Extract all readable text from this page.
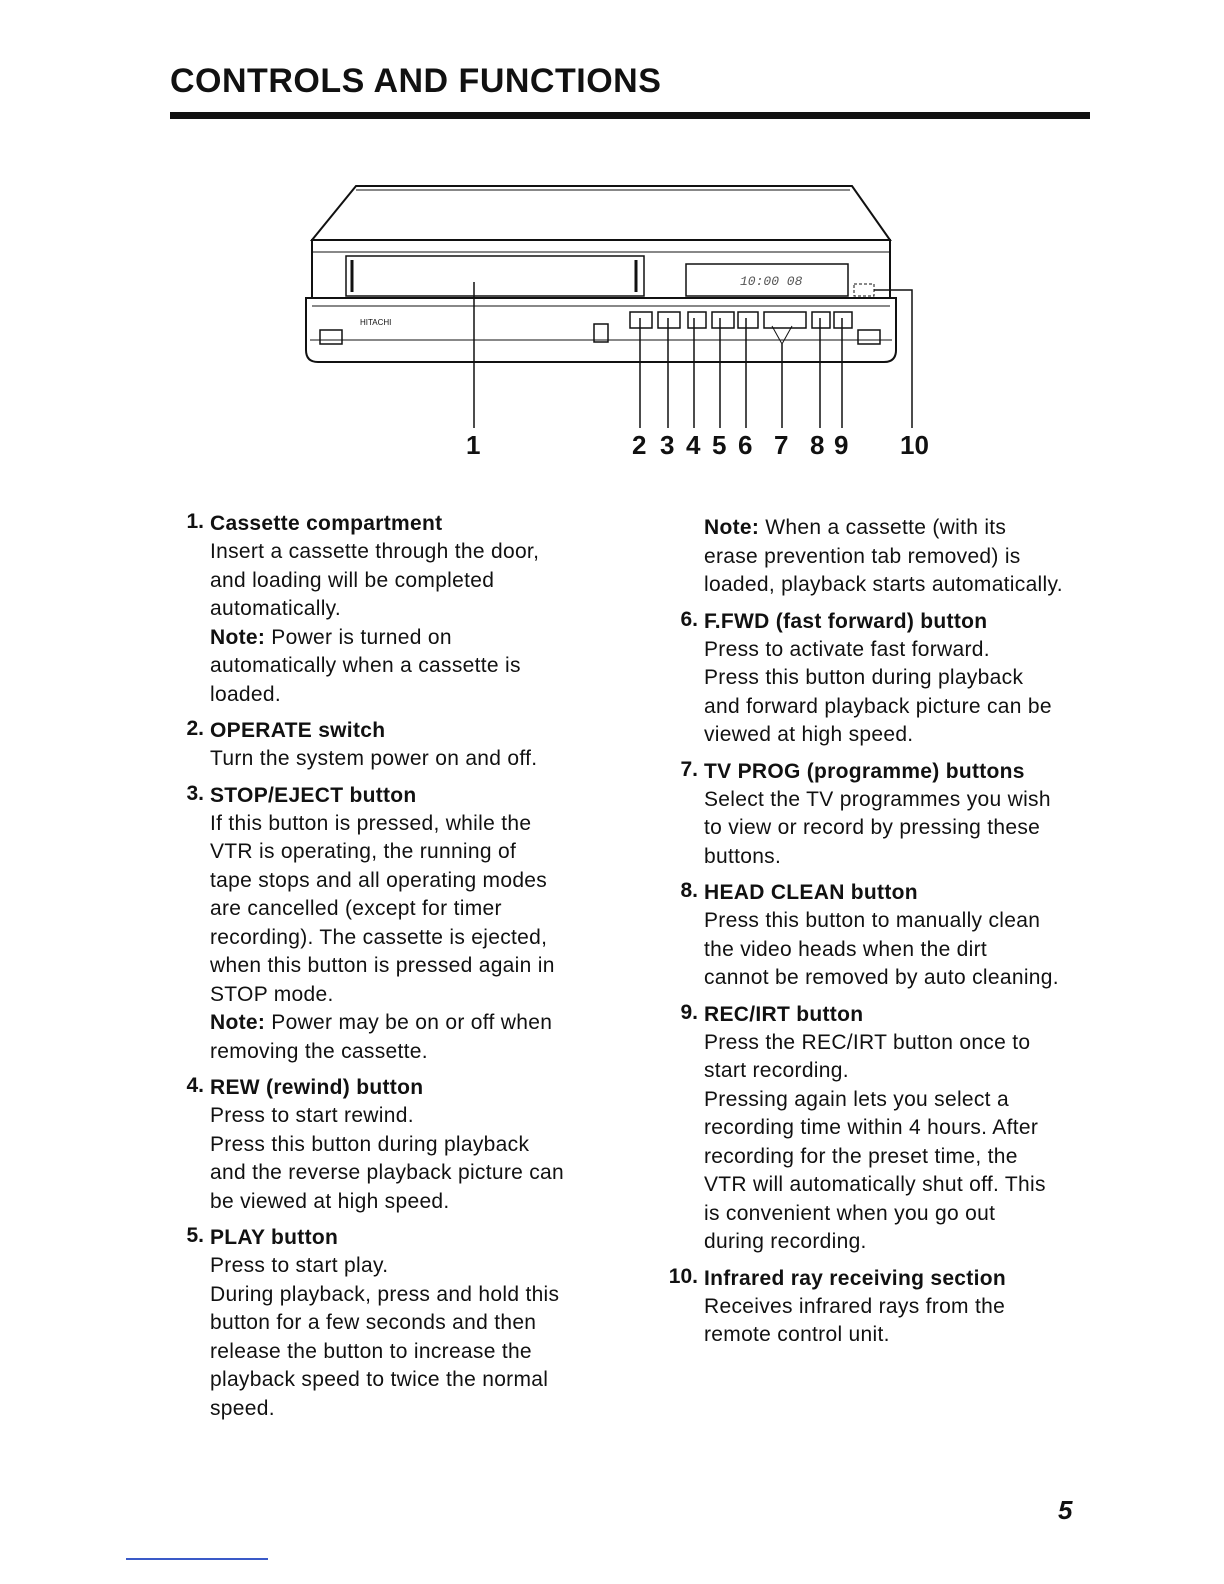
CONTROLS AND FUNCTIONS
HITACHI
10:00 08
1	2 3 4 5 6 7 8 9 10
1. Cassette compartment

Insert a cassette through the door,

and loading will be completed

automatically.

Note: Power is turned on

automatically when a cassette is

loaded.

2. OPERATE switch

Turn the system power on and off.

3. STOP/EJECT button

If this button is pressed, while the

VTR is operating, the running of

tape stops and all operating modes

are cancelled (except for timer

recording). The cassette is ejected,

when this button is pressed again in

STOP mode.

Note: Power may be on or off when

removing the cassette.

4. REW (rewind) button

Press to start rewind.

Press this button during playback

and the reverse playback picture can

be viewed at high speed.

5. PLAY button

Press to start play.

During playback, press and hold this

button for a few seconds and then

release the button to increase the

playback speed to twice the normal

speed.

Note: When a cassette (with its

erase prevention tab removed) is

loaded, playback starts automatically.

6. F.FWD (fast forward) button

Press to activate fast forward.

Press this button during playback

and forward playback picture can be

viewed at high speed.

7. TV PROG (programme) buttons

Select the TV programmes you wish

to view or record by pressing these

buttons.

8. HEAD CLEAN button

Press this button to manually clean

the video heads when the dirt

cannot be removed by auto cleaning.

9. REC/IRT button

Press the REC/IRT button once to

start recording.

Pressing again lets you select a

recording time within 4 hours. After

recording for the preset time, the

VTR will automatically shut off. This

is convenient when you go out

during recording.

10. Infrared ray receiving section

Receives infrared rays from the

remote control unit.

5
